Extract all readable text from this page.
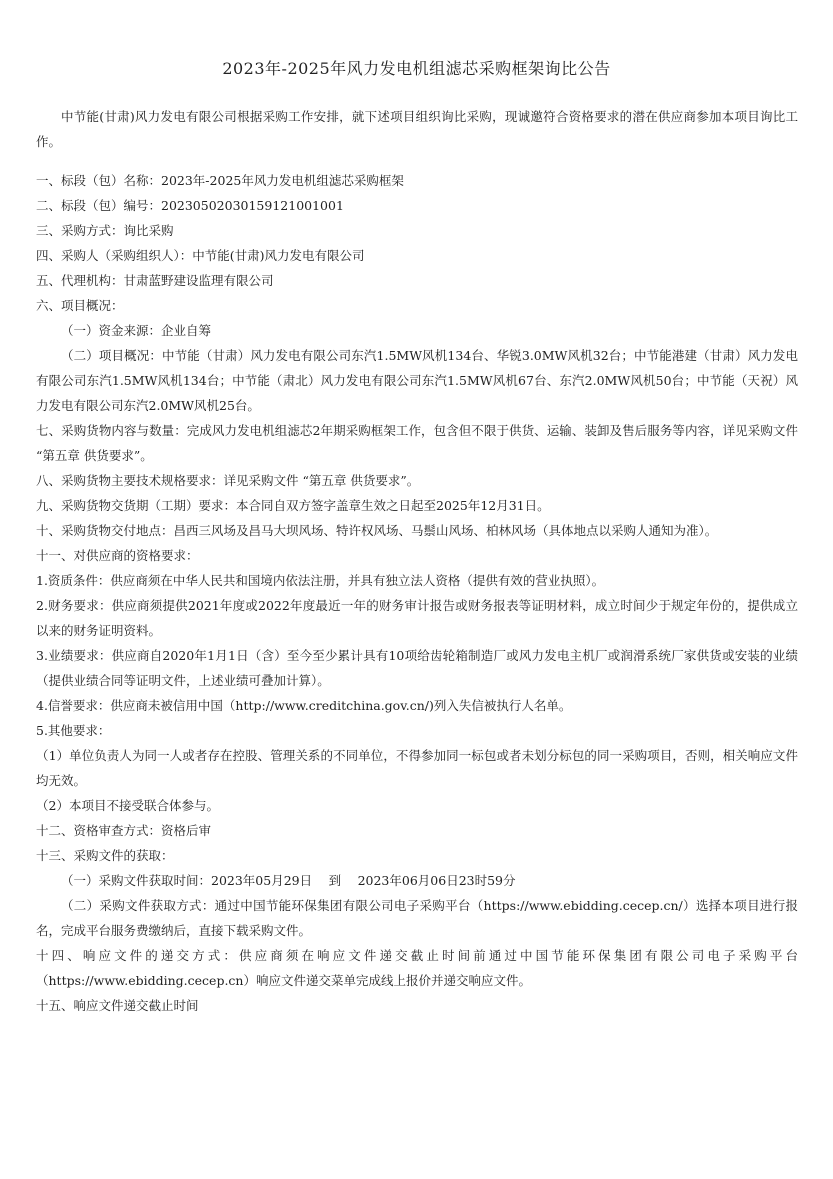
2023年-2025年风力发电机组滤芯采购框架询比公告

中节能(甘肃)风力发电有限公司根据采购工作安排，就下述项目组织询比采购，现诚邀符合资格要求的潜在供应商参加本项目询比工作。

一、标段（包）名称：2023年-2025年风力发电机组滤芯采购框架

二、标段（包）编号：2023050203015912100100​1

三、采购方式：询比采购

四、采购人（采购组织人）：中节能(甘肃)风力发电有限公司

五、代理机构：甘肃蓝野建设监理有限公司

六、项目概况：

（一）资金来源：企业自筹

（二）项目概况：中节能（甘肃）风力发电有限公司东汽1.5MW风机134台、华锐3.0MW风机32台；中节能港建（甘肃）风力发电有限公司东汽1.5MW风机134台；中节能（肃北）风力发电有限公司东汽1.5MW风机67台、东汽2.0MW风机50台；中节能（天祝）风力发电有限公司东汽2.0MW风机25台。

七、采购货物内容与数量：完成风力发电机组滤芯2年期采购框架工作，包含但不限于供货、运输、装卸及售后服务等内容，详见采购文件 “第五章 供货要求”。

八、采购货物主要技术规格要求：详见采购文件 “第五章 供货要求”。

九、采购货物交货期（工期）要求：本合同自双方签字盖章生效之日起至2025年12月31日。

十、采购货物交付地点：昌西三风场及昌马大坝风场、特许权风场、马鬃山风场、柏林风场（具体地点以采购人通知为准）。

十一、对供应商的资格要求：

1.资质条件：供应商须在中华人民共和国境内依法注册，并具有独立法人资格（提供有效的营业执照）。

2.财务要求：供应商须提供2021年度或2022年度最近一年的财务审计报告或财务报表等证明材料，成立时间少于规定年份的，提供成立以来的财务证明资料。

3.业绩要求：供应商自2020年1月1日（含）至今至少累计具有10项给齿轮箱制造厂或风力发电主机厂或润滑系统厂家供货或安装的业绩（提供业绩合同等证明文件，上述业绩可叠加计算）。

4.信誉要求：供应商未被信用中国（http://www.creditchina.gov.cn/)列入失信被执行人名单。

5.其他要求：

（1）单位负责人为同一人或者存在控股、管理关系的不同单位，不得参加同一标包或者未划分标包的同一采购项目，否则，相关响应文件均无效。

（2）本项目不接受联合体参与。

十二、资格审查方式：资格后审

十三、采购文件的获取：

（一）采购文件获取时间：2023年05月29日　 到　 2023年06月06日23时59分

（二）采购文件获取方式：通过中国节能环保集团有限公司电子采购平台（https://www.ebidding.cecep.cn/）选择本项目进行报名，完成平台服务费缴纳后，直接下载采购文件。

十四、响应文件的递交方式：供应商须在响应文件递交截止时间前通过中国节能环保集团有限公司电子采购平台（https://www.ebidding.cecep.cn）响应文件递交菜单完成线上报价并递交响应文件。

十五、响应文件递交截止时间
